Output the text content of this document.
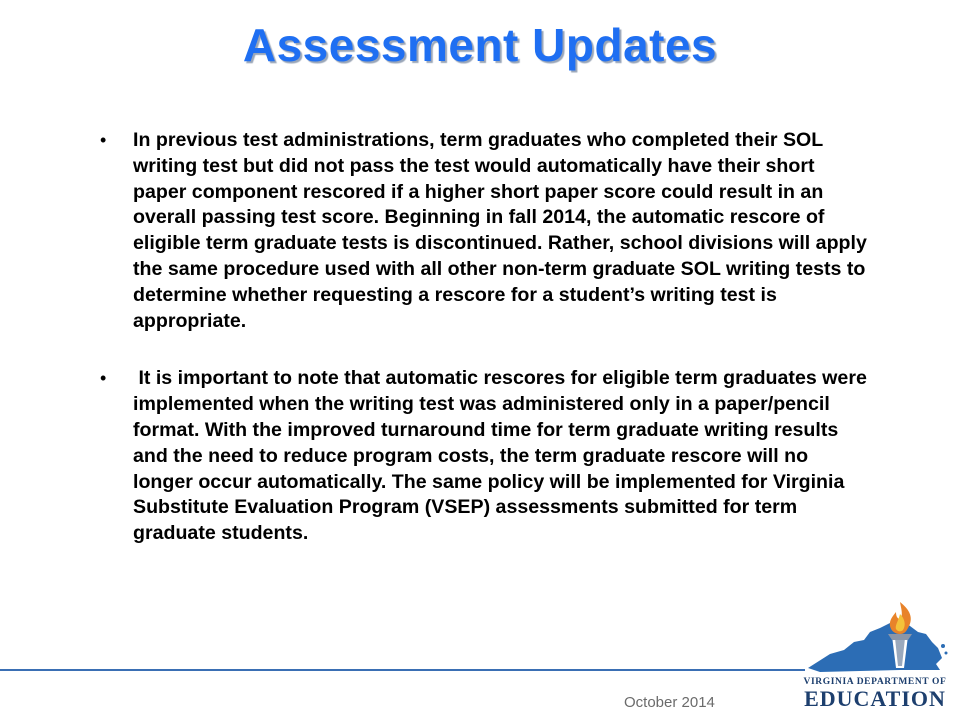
Assessment Updates
• In previous test administrations, term graduates who completed their SOL writing test but did not pass the test would automatically have their short paper component rescored if a higher short paper score could result in an overall passing test score. Beginning in fall 2014, the automatic rescore of eligible term graduate tests is discontinued. Rather, school divisions will apply the same procedure used with all other non-term graduate SOL writing tests to determine whether requesting a rescore for a student’s writing test is appropriate.
• It is important to note that automatic rescores for eligible term graduates were implemented when the writing test was administered only in a paper/pencil format. With the improved turnaround time for term graduate writing results and the need to reduce program costs, the term graduate rescore will no longer occur automatically. The same policy will be implemented for Virginia Substitute Evaluation Program (VSEP) assessments submitted for term graduate students.
October 2014
VIRGINIA DEPARTMENT OF
EDUCATION
